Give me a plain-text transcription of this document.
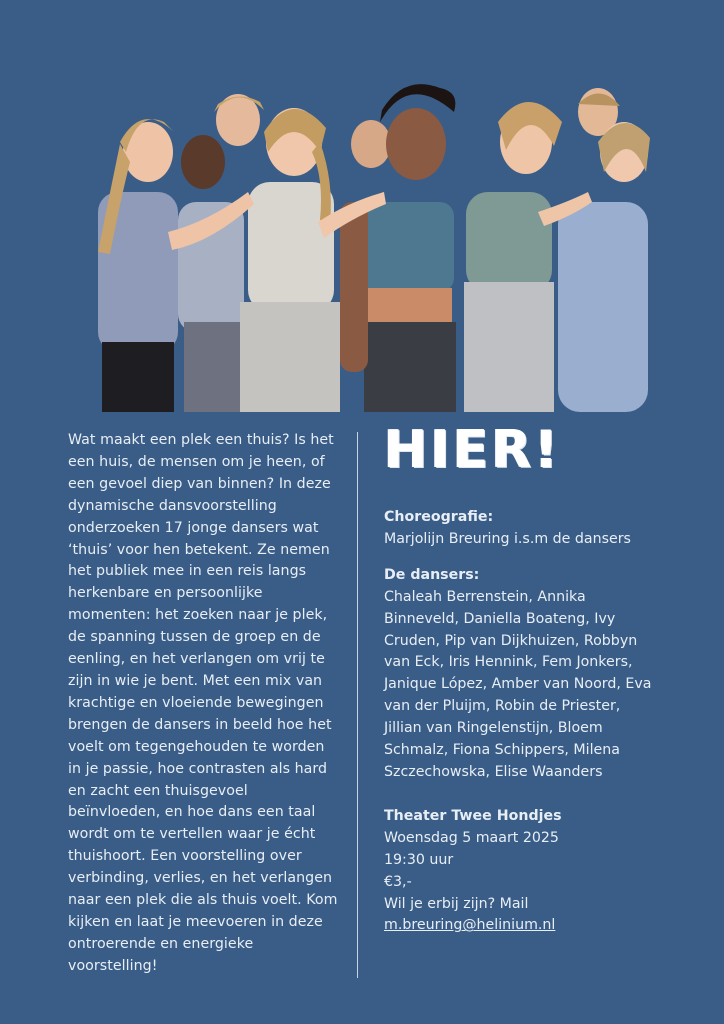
Wat maakt een plek een thuis? Is het een huis, de mensen om je heen, of een gevoel diep van binnen? In deze dynamische dansvoorstelling onderzoeken 17 jonge dansers wat ‘thuis’ voor hen betekent. Ze nemen het publiek mee in een reis langs herkenbare en persoonlijke momenten: het zoeken naar je plek, de spanning tussen de groep en de eenling, en het verlangen om vrij te zijn in wie je bent. Met een mix van krachtige en vloeiende bewegingen brengen de dansers in beeld hoe het voelt om tegengehouden te worden in je passie, hoe contrasten als hard en zacht een thuisgevoel beïnvloeden, en hoe dans een taal wordt om te vertellen waar je écht thuishoort. Een voorstelling over verbinding, verlies, en het verlangen naar een plek die als thuis voelt. Kom kijken en laat je meevoeren in deze ontroerende en energieke voorstelling!
HIER!
Choreografie:
Marjolijn Breuring i.s.m de dansers
De dansers:
Chaleah Berrenstein, Annika Binneveld, Daniella Boateng, Ivy Cruden, Pip van Dijkhuizen, Robbyn van Eck, Iris Hennink, Fem Jonkers, Janique López, Amber van Noord, Eva van der Pluijm, Robin de Priester, Jillian van Ringelenstijn, Bloem Schmalz, Fiona Schippers, Milena Szczechowska, Elise Waanders
Theater Twee Hondjes
Woensdag 5 maart 2025
19:30 uur
€3,-
Wil je erbij zijn? Mail
m.breuring@helinium.nl
